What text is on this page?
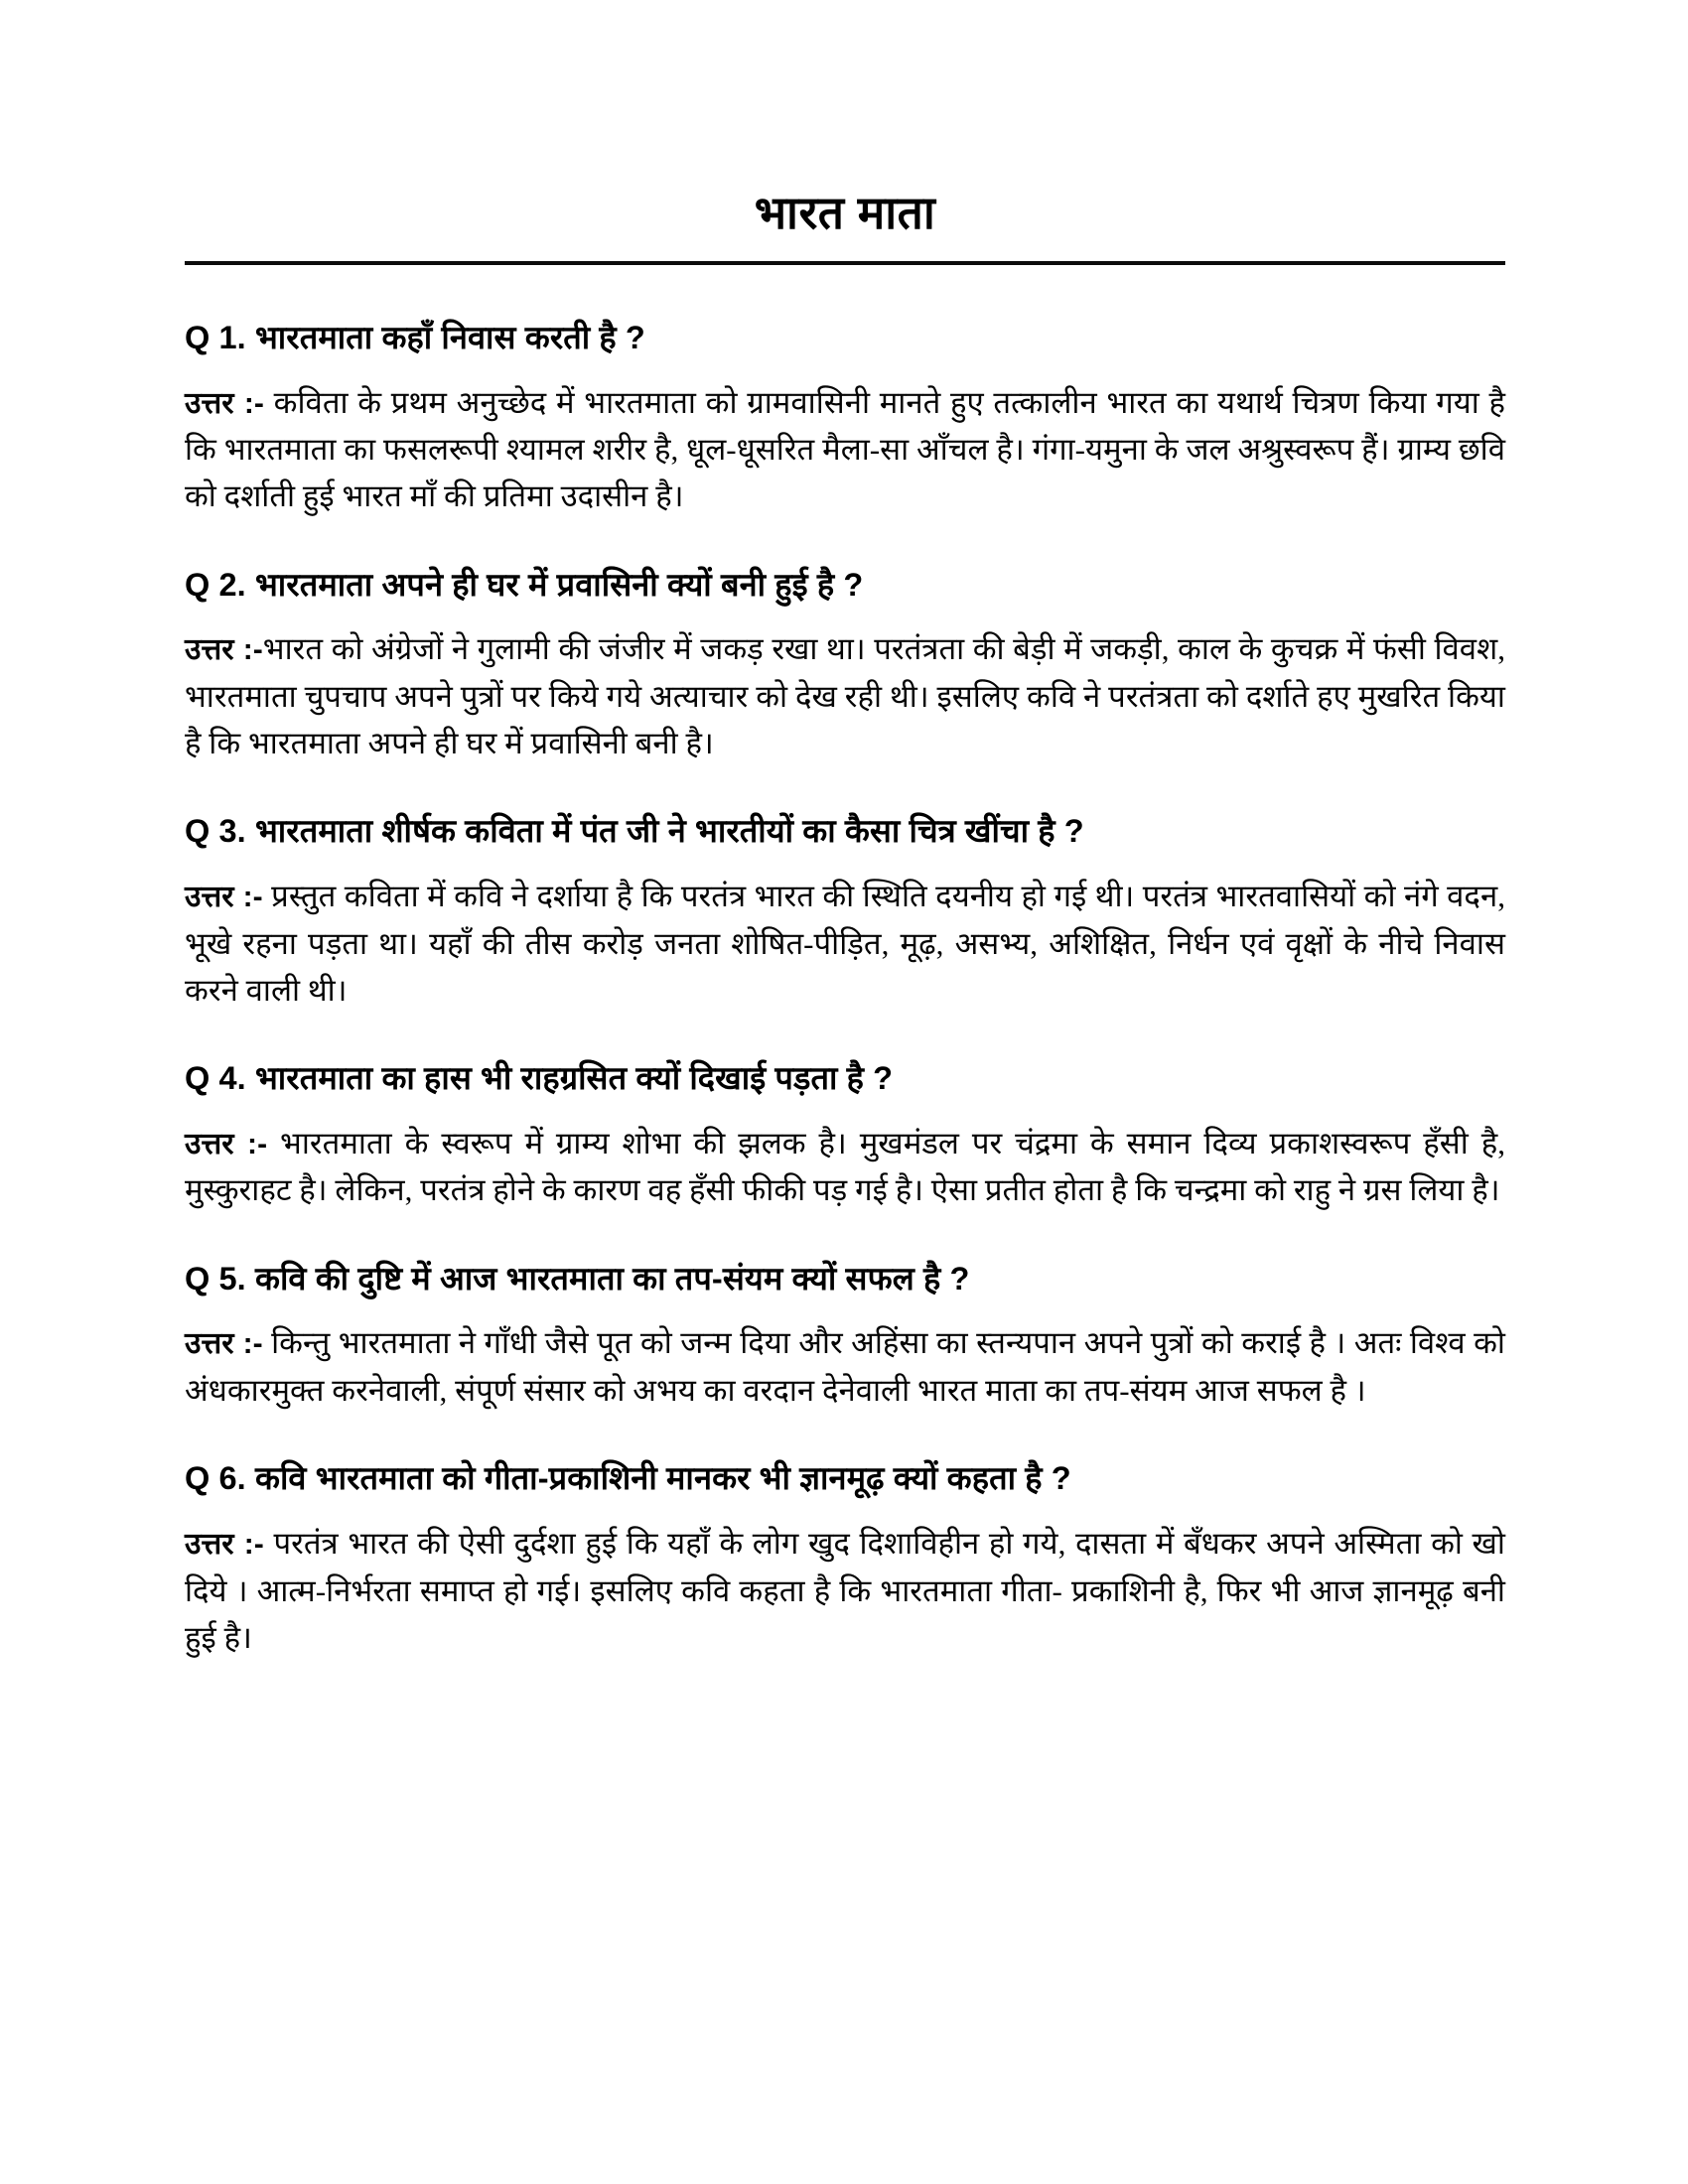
भारत माता

Q 1. भारतमाता कहाँ निवास करती है ?

उत्तर :- कविता के प्रथम अनुच्छेद में भारतमाता को ग्रामवासिनी मानते हुए तत्कालीन भारत का यथार्थ चित्रण किया गया है कि भारतमाता का फसलरूपी श्यामल शरीर है, धूल-धूसरित मैला-सा आँचल है। गंगा-यमुना के जल अश्रुस्वरूप हैं। ग्राम्य छवि को दर्शाती हुई भारत माँ की प्रतिमा उदासीन है।

Q 2. भारतमाता अपने ही घर में प्रवासिनी क्यों बनी हुई है ?

उत्तर :-भारत को अंग्रेजों ने गुलामी की जंजीर में जकड़ रखा था। परतंत्रता की बेड़ी में जकड़ी, काल के कुचक्र में फंसी विवश, भारतमाता चुपचाप अपने पुत्रों पर किये गये अत्याचार को देख रही थी। इसलिए कवि ने परतंत्रता को दर्शाते हए मुखरित किया है कि भारतमाता अपने ही घर में प्रवासिनी बनी है।

Q 3. भारतमाता शीर्षक कविता में पंत जी ने भारतीयों का कैसा चित्र खींचा है ?

उत्तर :- प्रस्तुत कविता में कवि ने दर्शाया है कि परतंत्र भारत की स्थिति दयनीय हो गई थी। परतंत्र भारतवासियों को नंगे वदन, भूखे रहना पड़ता था। यहाँ की तीस करोड़ जनता शोषित-पीड़ित, मूढ़, असभ्य, अशिक्षित, निर्धन एवं वृक्षों के नीचे निवास करने वाली थी।

Q 4. भारतमाता का हास भी राहग्रसित क्यों दिखाई पड़ता है ?

उत्तर :- भारतमाता के स्वरूप में ग्राम्य शोभा की झलक है। मुखमंडल पर चंद्रमा के समान दिव्य प्रकाशस्वरूप हँसी है, मुस्कुराहट है। लेकिन, परतंत्र होने के कारण वह हँसी फीकी पड़ गई है। ऐसा प्रतीत होता है कि चन्द्रमा को राहु ने ग्रस लिया है।

Q 5. कवि की दुष्टि में आज भारतमाता का तप-संयम क्यों सफल है ?

उत्तर :- किन्तु भारतमाता ने गाँधी जैसे पूत को जन्म दिया और अहिंसा का स्तन्यपान अपने पुत्रों को कराई है । अतः विश्व को अंधकारमुक्त करनेवाली, संपूर्ण संसार को अभय का वरदान देनेवाली भारत माता का तप-संयम आज सफल है ।

Q 6. कवि भारतमाता को गीता-प्रकाशिनी मानकर भी ज्ञानमूढ़ क्यों कहता है ?

उत्तर :- परतंत्र भारत की ऐसी दुर्दशा हुई कि यहाँ के लोग खुद दिशाविहीन हो गये, दासता में बँधकर अपने अस्मिता को खो दिये । आत्म-निर्भरता समाप्त हो गई। इसलिए कवि कहता है कि भारतमाता गीता- प्रकाशिनी है, फिर भी आज ज्ञानमूढ़ बनी हुई है।
